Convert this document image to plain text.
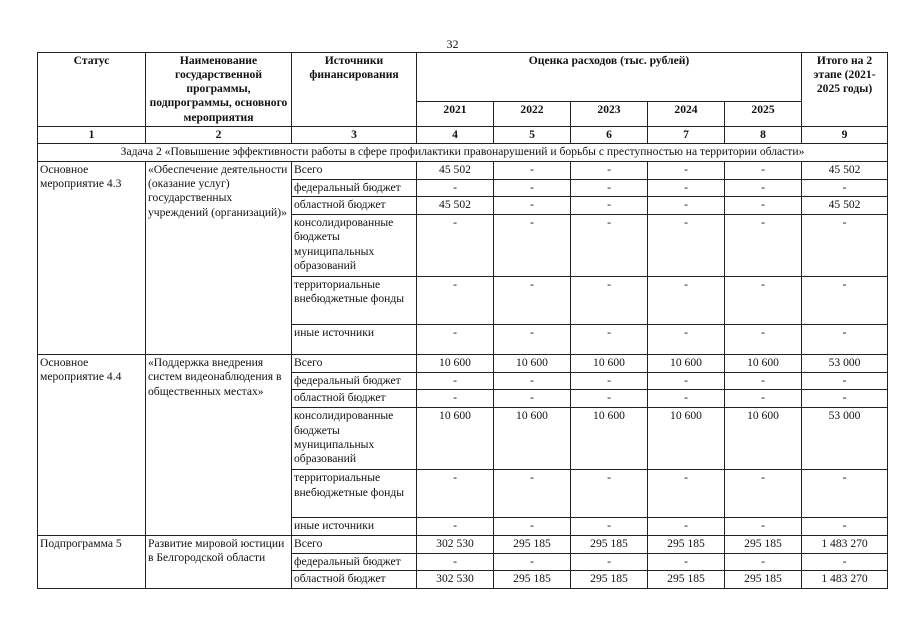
32
Статус	Наименование государственной программы, подпрограммы, основного мероприятия	Источники финансирования	Оценка расходов (тыс. рублей)					Итого на 2 этапе (2021-2025 годы)
			2021	2022	2023	2024	2025	
1	2	3	4	5	6	7	8	9
Задача 2 «Повышение эффективности работы в сфере профилактики правонарушений и борьбы с преступностью на территории области»								
Основное мероприятие 4.3	«Обеспечение деятельности (оказание услуг) государственных учреждений (организаций)»	Всего	45 502	-	-	-	-	45 502
		федеральный бюджет	-	-	-	-	-	-
		областной бюджет	45 502	-	-	-	-	45 502
		консолидированные бюджеты муниципальных образований	-	-	-	-	-	-
		территориальные внебюджетные фонды	-	-	-	-	-	-
		иные источники	-	-	-	-	-	-
Основное мероприятие 4.4	«Поддержка внедрения систем видеонаблюдения в общественных местах»	Всего	10 600	10 600	10 600	10 600	10 600	53 000
		федеральный бюджет	-	-	-	-	-	-
		областной бюджет	-	-	-	-	-	-
		консолидированные бюджеты муниципальных образований	10 600	10 600	10 600	10 600	10 600	53 000
		территориальные внебюджетные фонды	-	-	-	-	-	-
		иные источники	-	-	-	-	-	-
Подпрограмма 5	Развитие мировой юстиции в Белгородской области	Всего	302 530	295 185	295 185	295 185	295 185	1 483 270
		федеральный бюджет	-	-	-	-	-	-
		областной бюджет	302 530	295 185	295 185	295 185	295 185	1 483 270
